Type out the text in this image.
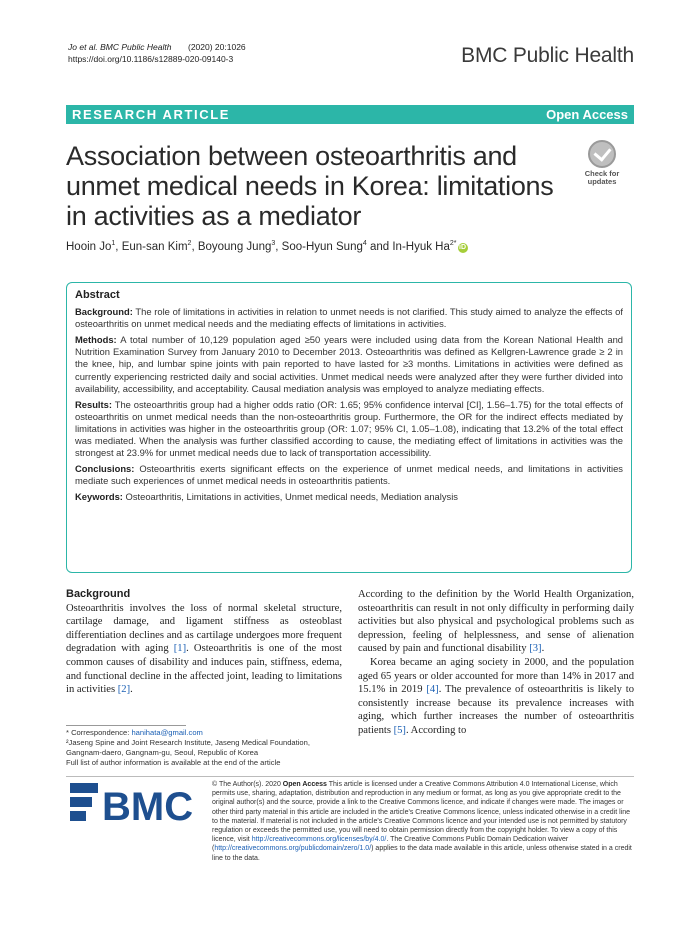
Jo et al. BMC Public Health (2020) 20:1026
https://doi.org/10.1186/s12889-020-09140-3	BMC Public Health
RESEARCH ARTICLE	Open Access
Association between osteoarthritis and unmet medical needs in Korea: limitations in activities as a mediator
Check for
updates
Hooin Jo$^1$, Eun-san Kim$^2$, Boyoung Jung$^3$, Soo-Hyun Sung$^4$ and In-Hyuk $Ha^{2*}iD$
Abstract

Background: The role of limitations in activities in relation to unmet needs is not clarified. This study aimed to analyze the effects of osteoarthritis on unmet medical needs and the mediating effects of limitations in activities.

Methods: A total number of 10,129 population aged ≥50 years were included using data from the Korean National Health and Nutrition Examination Survey from January 2010 to December 2013. Osteoarthritis was defined as Kellgren-Lawrence grade ≥ 2 in the knee, hip, and lumbar spine joints with pain reported to have lasted for ≥3 months. Limitations in activities were defined as currently experiencing restricted daily and social activities. Unmet medical needs were analyzed after they were further divided into availability, accessibility, and acceptability. Causal mediation analysis was employed to analyze mediating effects.

Results: The osteoarthritis group had a higher odds ratio (OR: 1.65; 95% confidence interval [CI], 1.56–1.75) for the total effects of osteoarthritis on unmet medical needs than the non-osteoarthritis group. Furthermore, the OR for the indirect effects mediated by limitations in activities was higher in the osteoarthritis group (OR: 1.07; 95% CI, 1.05–1.08), indicating that 13.2% of the total effect was mediated. When the analysis was further classified according to cause, the mediating effect of limitations in activities was the strongest at 23.9% for unmet medical needs due to lack of transportation accessibility.

Conclusions: Osteoarthritis exerts significant effects on the experience of unmet medical needs, and limitations in activities mediate such experiences of unmet medical needs in osteoarthritis patients.

Keywords: Osteoarthritis, Limitations in activities, Unmet medical needs, Mediation analysis

Background

Osteoarthritis involves the loss of normal skeletal structure, cartilage damage, and ligament stiffness as osteoblast differentiation declines and as cartilage undergoes more frequent degradation with aging [1]. Osteoarthritis is one of the most common causes of disability and induces pain, stiffness, edema, and functional decline in the affected joint, leading to limitations in activities [2].

According to the definition by the World Health Organization, osteoarthritis can result in not only difficulty in performing daily activities but also physical and psychological problems such as depression, feeling of helplessness, and sense of alienation caused by pain and functional disability [3].

Korea became an aging society in 2000, and the population aged 65 years or older accounted for more than 14% in 2017 and 15.1% in 2019 [4]. The prevalence of osteoarthritis is likely to consistently increase because its prevalence increases with aging, which further increases the number of osteoarthritis patients [5]. According to

* Correspondence: hanihata@gmail.com
²Jaseng Spine and Joint Research Institute, Jaseng Medical Foundation, Gangnam-daero, Gangnam-gu, Seoul, Republic of Korea
Full list of author information is available at the end of the article
BMC
© The Author(s). 2020 Open Access This article is licensed under a Creative Commons Attribution 4.0 International License, which permits use, sharing, adaptation, distribution and reproduction in any medium or format, as long as you give appropriate credit to the original author(s) and the source, provide a link to the Creative Commons licence, and indicate if changes were made. The images or other third party material in this article are included in the article's Creative Commons licence, unless indicated otherwise in a credit line to the material. If material is not included in the article's Creative Commons licence and your intended use is not permitted by statutory regulation or exceeds the permitted use, you will need to obtain permission directly from the copyright holder. To view a copy of this licence, visit http://creativecommons.org/licenses/by/4.0/. The Creative Commons Public Domain Dedication waiver (http://creativecommons.org/publicdomain/zero/1.0/) applies to the data made available in this article, unless otherwise stated in a credit line to the data.
